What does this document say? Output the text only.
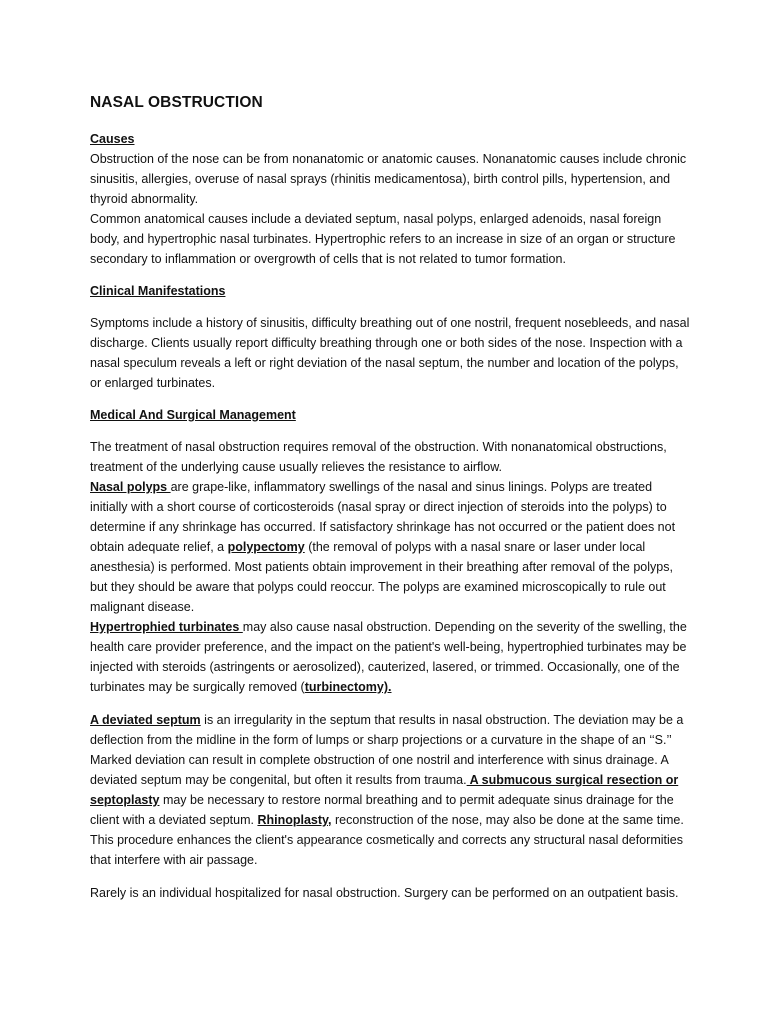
NASAL OBSTRUCTION
Causes

Obstruction of the nose can be from nonanatomic or anatomic causes. Nonanatomic causes include chronic sinusitis, allergies, overuse of nasal sprays (rhinitis medicamentosa), birth control pills, hypertension, and thyroid abnormality.

Common anatomical causes include a deviated septum, nasal polyps, enlarged adenoids, nasal foreign body, and hypertrophic nasal turbinates. Hypertrophic refers to an increase in size of an organ or structure secondary to inflammation or overgrowth of cells that is not related to tumor formation.

Clinical Manifestations

Symptoms include a history of sinusitis, difficulty breathing out of one nostril, frequent nosebleeds, and nasal discharge. Clients usually report difficulty breathing through one or both sides of the nose. Inspection with a nasal speculum reveals a left or right deviation of the nasal septum, the number and location of the polyps, or enlarged turbinates.

Medical And Surgical Management

The treatment of nasal obstruction requires removal of the obstruction. With nonanatomical obstructions, treatment of the underlying cause usually relieves the resistance to airflow.

Nasal polyps are grape-like, inflammatory swellings of the nasal and sinus linings. Polyps are treated initially with a short course of corticosteroids (nasal spray or direct injection of steroids into the polyps) to determine if any shrinkage has occurred. If satisfactory shrinkage has not occurred or the patient does not obtain adequate relief, a polypectomy (the removal of polyps with a nasal snare or laser under local anesthesia) is performed. Most patients obtain improvement in their breathing after removal of the polyps, but they should be aware that polyps could reoccur. The polyps are examined microscopically to rule out malignant disease.

Hypertrophied turbinates may also cause nasal obstruction. Depending on the severity of the swelling, the health care provider preference, and the impact on the patient's well-being, hypertrophied turbinates may be injected with steroids (astringents or aerosolized), cauterized, lasered, or trimmed. Occasionally, one of the turbinates may be surgically removed (turbinectomy).

A deviated septum is an irregularity in the septum that results in nasal obstruction. The deviation may be a deflection from the midline in the form of lumps or sharp projections or a curvature in the shape of an ‘‘S.’’ Marked deviation can result in complete obstruction of one nostril and interference with sinus drainage. A deviated septum may be congenital, but often it results from trauma. A submucous surgical resection or septoplasty may be necessary to restore normal breathing and to permit adequate sinus drainage for the client with a deviated septum. Rhinoplasty, reconstruction of the nose, may also be done at the same time. This procedure enhances the client's appearance cosmetically and corrects any structural nasal deformities that interfere with air passage.

Rarely is an individual hospitalized for nasal obstruction. Surgery can be performed on an outpatient basis.
